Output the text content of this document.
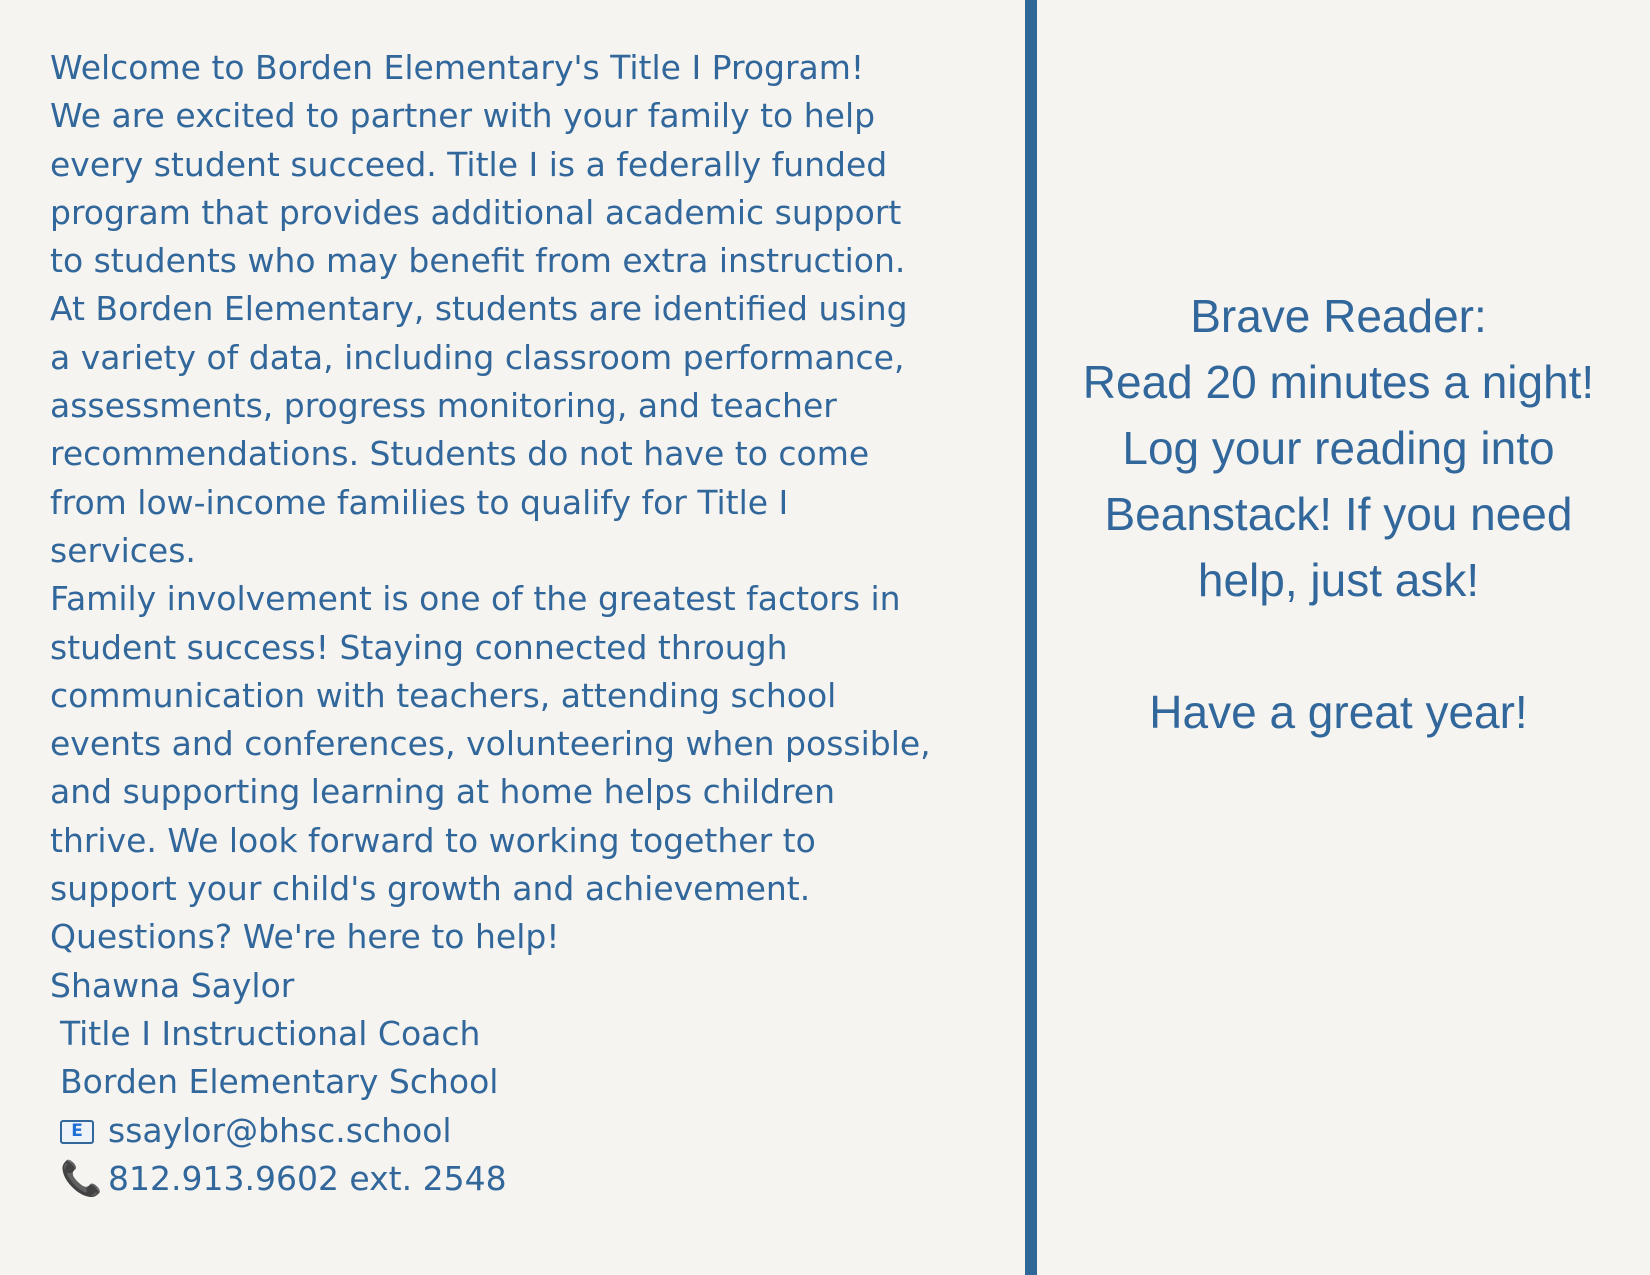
Welcome to Borden Elementary's Title I Program!
We are excited to partner with your family to help
every student succeed. Title I is a federally funded
program that provides additional academic support
to students who may benefit from extra instruction.
At Borden Elementary, students are identified using
a variety of data, including classroom performance,
assessments, progress monitoring, and teacher
recommendations. Students do not have to come
from low-income families to qualify for Title I
services.
Family involvement is one of the greatest factors in
student success! Staying connected through
communication with teachers, attending school
events and conferences, volunteering when possible,
and supporting learning at home helps children
thrive. We look forward to working together to
support your child's growth and achievement.
Questions? We're here to help!
Shawna Saylor
Title I Instructional Coach
Borden Elementary School
Essaylor@bhsc.school
📞 812.913.9602 ext. 2548
Brave Reader:
Read 20 minutes a night!
Log your reading into
Beanstack! If you need
help, just ask!
Have a great year!
